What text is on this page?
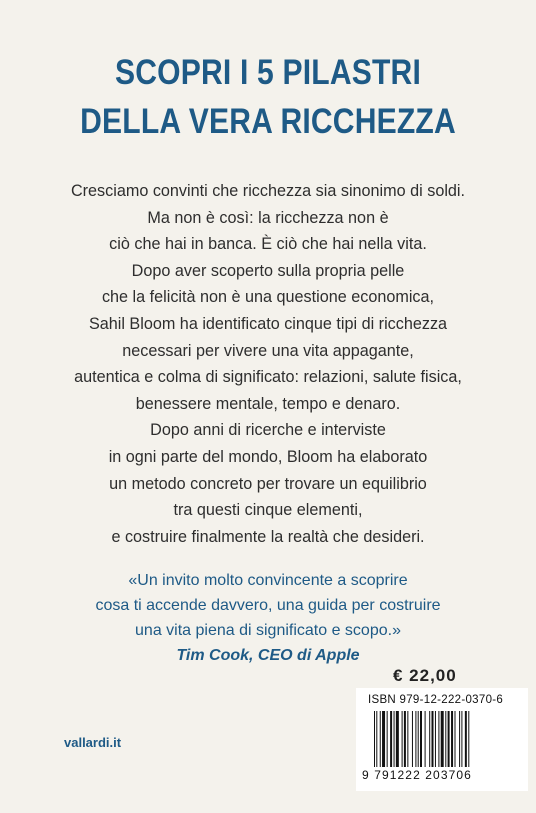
SCOPRI I 5 PILASTRI
DELLA VERA RICCHEZZA
Cresciamo convinti che ricchezza sia sinonimo di soldi.
Ma non è così: la ricchezza non è
ciò che hai in banca. È ciò che hai nella vita.
Dopo aver scoperto sulla propria pelle
che la felicità non è una questione economica,
Sahil Bloom ha identificato cinque tipi di ricchezza
necessari per vivere una vita appagante,
autentica e colma di significato: relazioni, salute fisica,
benessere mentale, tempo e denaro.
Dopo anni di ricerche e interviste
in ogni parte del mondo, Bloom ha elaborato
un metodo concreto per trovare un equilibrio
tra questi cinque elementi,
e costruire finalmente la realtà che desideri.
«Un invito molto convincente a scoprire
cosa ti accende davvero, una guida per costruire
una vita piena di significato e scopo.»
Tim Cook, CEO di Apple
€ 22,00
ISBN 979-12-222-0370-6
9 791222 203706
vallardi.it
